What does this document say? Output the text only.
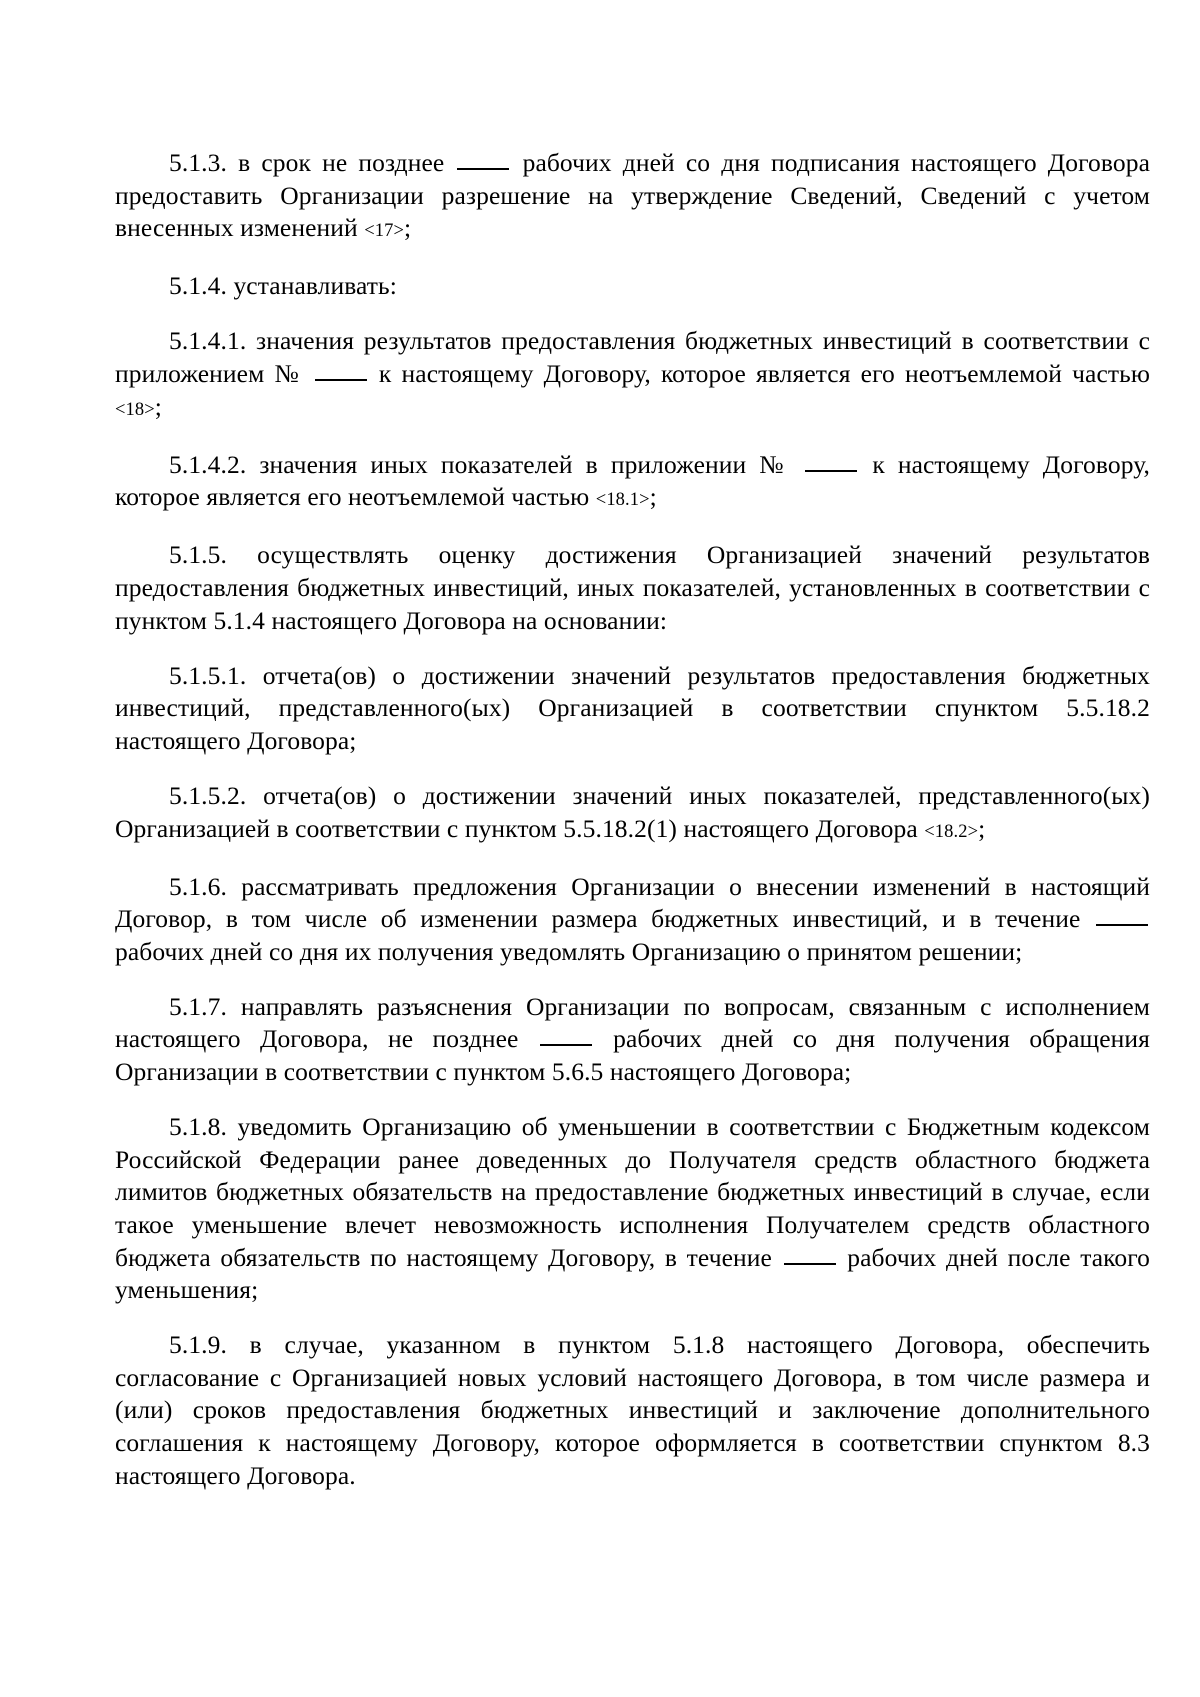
5.1.3. в срок не позднее  рабочих дней со дня подписания настоящего Договора предоставить Организации разрешение на утверждение Сведений, Сведений с учетом внесенных изменений <17>;

5.1.4. устанавливать:

5.1.4.1. значения результатов предоставления бюджетных инвестиций в соответствии с приложением №  к настоящему Договору, которое является его неотъемлемой частью <18>;

5.1.4.2. значения иных показателей в приложении №  к настоящему Договору, которое является его неотъемлемой частью <18.1>;

5.1.5. осуществлять оценку достижения Организацией значений результатов предоставления бюджетных инвестиций, иных показателей, установленных в соответствии с пунктом 5.1.4 настоящего Договора на основании:

5.1.5.1. отчета(ов) о достижении значений результатов предоставления бюджетных инвестиций, представленного(ых) Организацией в соответствии спунктом 5.5.18.2 настоящего Договора;

5.1.5.2. отчета(ов) о достижении значений иных показателей, представленного(ых) Организацией в соответствии с пунктом 5.5.18.2(1) настоящего Договора <18.2>;

5.1.6. рассматривать предложения Организации о внесении изменений в настоящий Договор, в том числе об изменении размера бюджетных инвестиций, и в течение  рабочих дней со дня их получения уведомлять Организацию о принятом решении;

5.1.7. направлять разъяснения Организации по вопросам, связанным с исполнением настоящего Договора, не позднее  рабочих дней со дня получения обращения Организации в соответствии с пунктом 5.6.5 настоящего Договора;

5.1.8. уведомить Организацию об уменьшении в соответствии с Бюджетным кодексом Российской Федерации ранее доведенных до Получателя средств областного бюджета лимитов бюджетных обязательств на предоставление бюджетных инвестиций в случае, если такое уменьшение влечет невозможность исполнения Получателем средств областного бюджета обязательств по настоящему Договору, в течение  рабочих дней после такого уменьшения;

5.1.9. в случае, указанном в пунктом 5.1.8 настоящего Договора, обеспечить согласование с Организацией новых условий настоящего Договора, в том числе размера и (или) сроков предоставления бюджетных инвестиций и заключение дополнительного соглашения к настоящему Договору, которое оформляется в соответствии спунктом 8.3 настоящего Договора.
